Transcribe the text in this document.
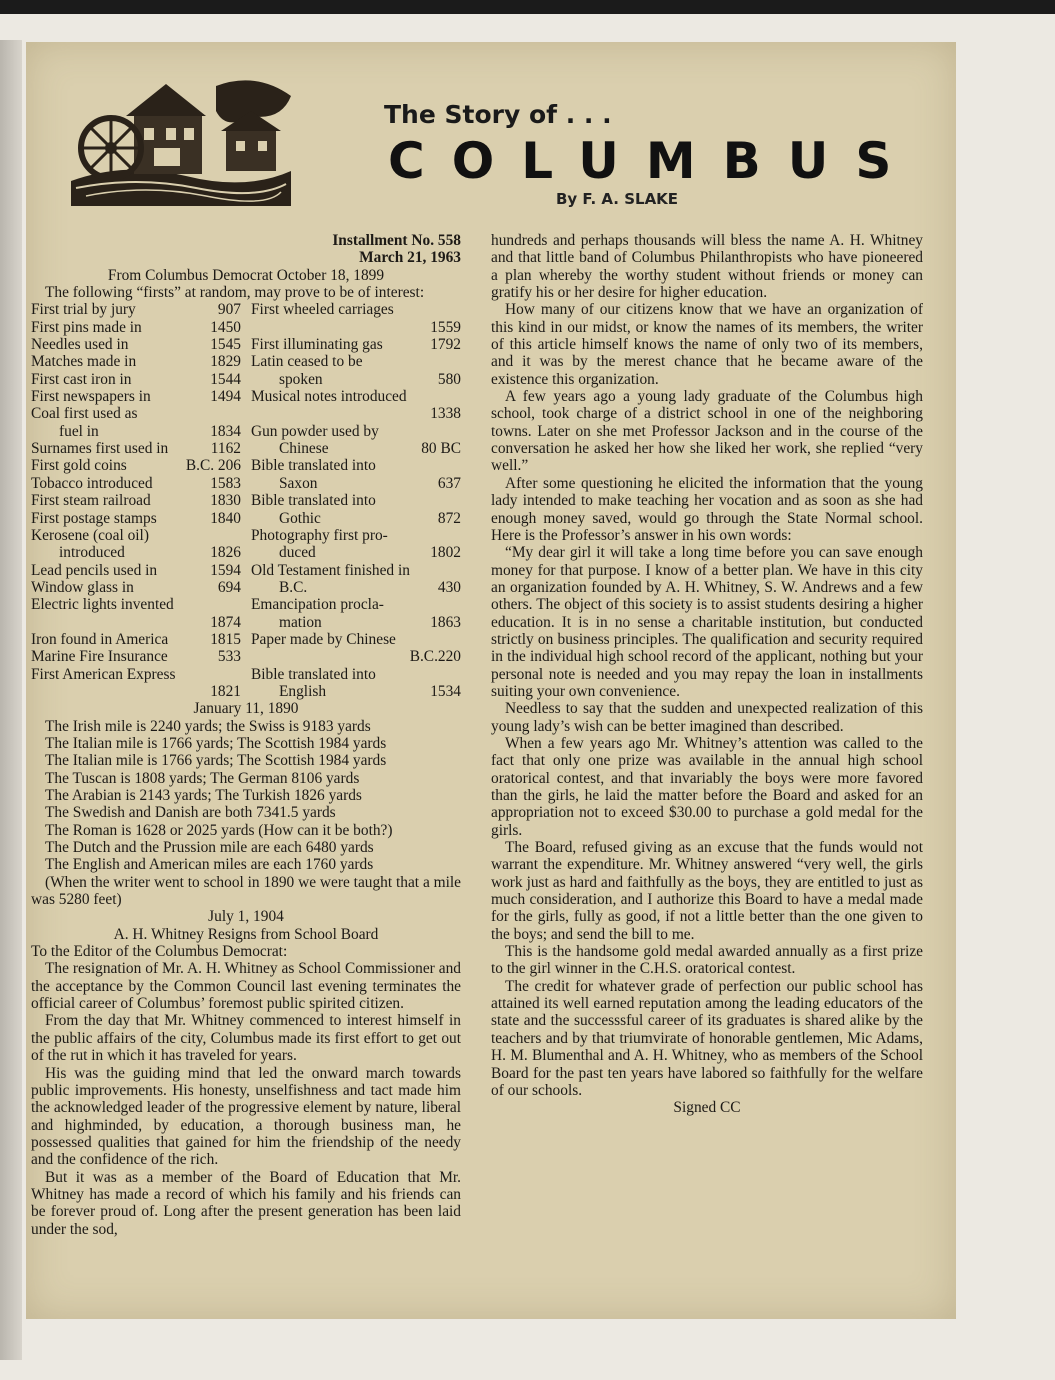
The Story of . . .
COLUMBUS
By F. A. SLAKE
Installment No. 558
March 21, 1963
From Columbus Democrat October 18, 1899

The following “firsts” at random, may prove to be of interest:

First trial by jury	907
First pins made in	1450
Needles used in	1545
Matches made in	1829
First cast iron in	1544
First newspapers in	1494
Coal first used as
fuel in	1834
Surnames first used in	1162
First gold coins	B.C. 206
Tobacco introduced	1583
First steam railroad	1830
First postage stamps	1840
Kerosene (coal oil)
introduced	1826
Lead pencils used in	1594
Window glass in	694
Electric lights invented
1874
Iron found in America	1815
Marine Fire Insurance	533
First American Express
1821
First wheeled carriages
1559
First illuminating gas	1792
Latin ceased to be
spoken	580
Musical notes introduced
1338
Gun powder used by
Chinese	80 BC
Bible translated into
Saxon	637
Bible translated into
Gothic	872
Photography first pro-
duced	1802
Old Testament finished in
B.C.	430
Emancipation procla-
mation	1863
Paper made by Chinese
B.C.220
Bible translated into
English	1534
January 11, 1890

The Irish mile is 2240 yards; the Swiss is 9183 yards

The Italian mile is 1766 yards; The Scottish 1984 yards

The Italian mile is 1766 yards; The Scottish 1984 yards

The Tuscan is 1808 yards; The German 8106 yards

The Arabian is 2143 yards; The Turkish 1826 yards

The Swedish and Danish are both 7341.5 yards

The Roman is 1628 or 2025 yards (How can it be both?)

The Dutch and the Prussion mile are each 6480 yards

The English and American miles are each 1760 yards

(When the writer went to school in 1890 we were taught that a mile was 5280 feet)

July 1, 1904
A. H. Whitney Resigns from School Board
To the Editor of the Columbus Democrat:

The resignation of Mr. A. H. Whitney as School Commissioner and the acceptance by the Common Council last evening terminates the official career of Columbus’ foremost public spirited citizen.

From the day that Mr. Whitney commenced to interest himself in the public affairs of the city, Columbus made its first effort to get out of the rut in which it has traveled for years.

His was the guiding mind that led the onward march towards public improvements. His honesty, unselfishness and tact made him the acknowledged leader of the progressive element by nature, liberal and highminded, by education, a thorough business man, he possessed qualities that gained for him the friendship of the needy and the confidence of the rich.

But it was as a member of the Board of Education that Mr. Whitney has made a record of which his family and his friends can be forever proud of. Long after the present generation has been laid under the sod,

hundreds and perhaps thousands will bless the name A. H. Whitney and that little band of Columbus Philanthropists who have pioneered a plan whereby the worthy student without friends or money can gratify his or her desire for higher education.

How many of our citizens know that we have an organization of this kind in our midst, or know the names of its members, the writer of this article himself knows the name of only two of its members, and it was by the merest chance that he became aware of the existence this organization.

A few years ago a young lady graduate of the Columbus high school, took charge of a district school in one of the neighboring towns. Later on she met Professor Jackson and in the course of the conversation he asked her how she liked her work, she replied “very well.”

After some questioning he elicited the information that the young lady intended to make teaching her vocation and as soon as she had enough money saved, would go through the State Normal school. Here is the Professor’s answer in his own words:

“My dear girl it will take a long time before you can save enough money for that purpose. I know of a better plan. We have in this city an organization founded by A. H. Whitney, S. W. Andrews and a few others. The object of this society is to assist students desiring a higher education. It is in no sense a charitable institution, but conducted strictly on business principles. The qualification and security required in the individual high school record of the applicant, nothing but your personal note is needed and you may repay the loan in installments suiting your own convenience.

Needless to say that the sudden and unexpected realization of this young lady’s wish can be better imagined than described.

When a few years ago Mr. Whitney’s attention was called to the fact that only one prize was available in the annual high school oratorical contest, and that invariably the boys were more favored than the girls, he laid the matter before the Board and asked for an appropriation not to exceed $30.00 to purchase a gold medal for the girls.

The Board, refused giving as an excuse that the funds would not warrant the expenditure. Mr. Whitney answered “very well, the girls work just as hard and faithfully as the boys, they are entitled to just as much consideration, and I authorize this Board to have a medal made for the girls, fully as good, if not a little better than the one given to the boys; and send the bill to me.

This is the handsome gold medal awarded annually as a first prize to the girl winner in the C.H.S. oratorical contest.

The credit for whatever grade of perfection our public school has attained its well earned reputation among the leading educators of the state and the successsful career of its graduates is shared alike by the teachers and by that triumvirate of honorable gentlemen, Mic Adams, H. M. Blumenthal and A. H. Whitney, who as members of the School Board for the past ten years have labored so faithfully for the welfare of our schools.

Signed CC
